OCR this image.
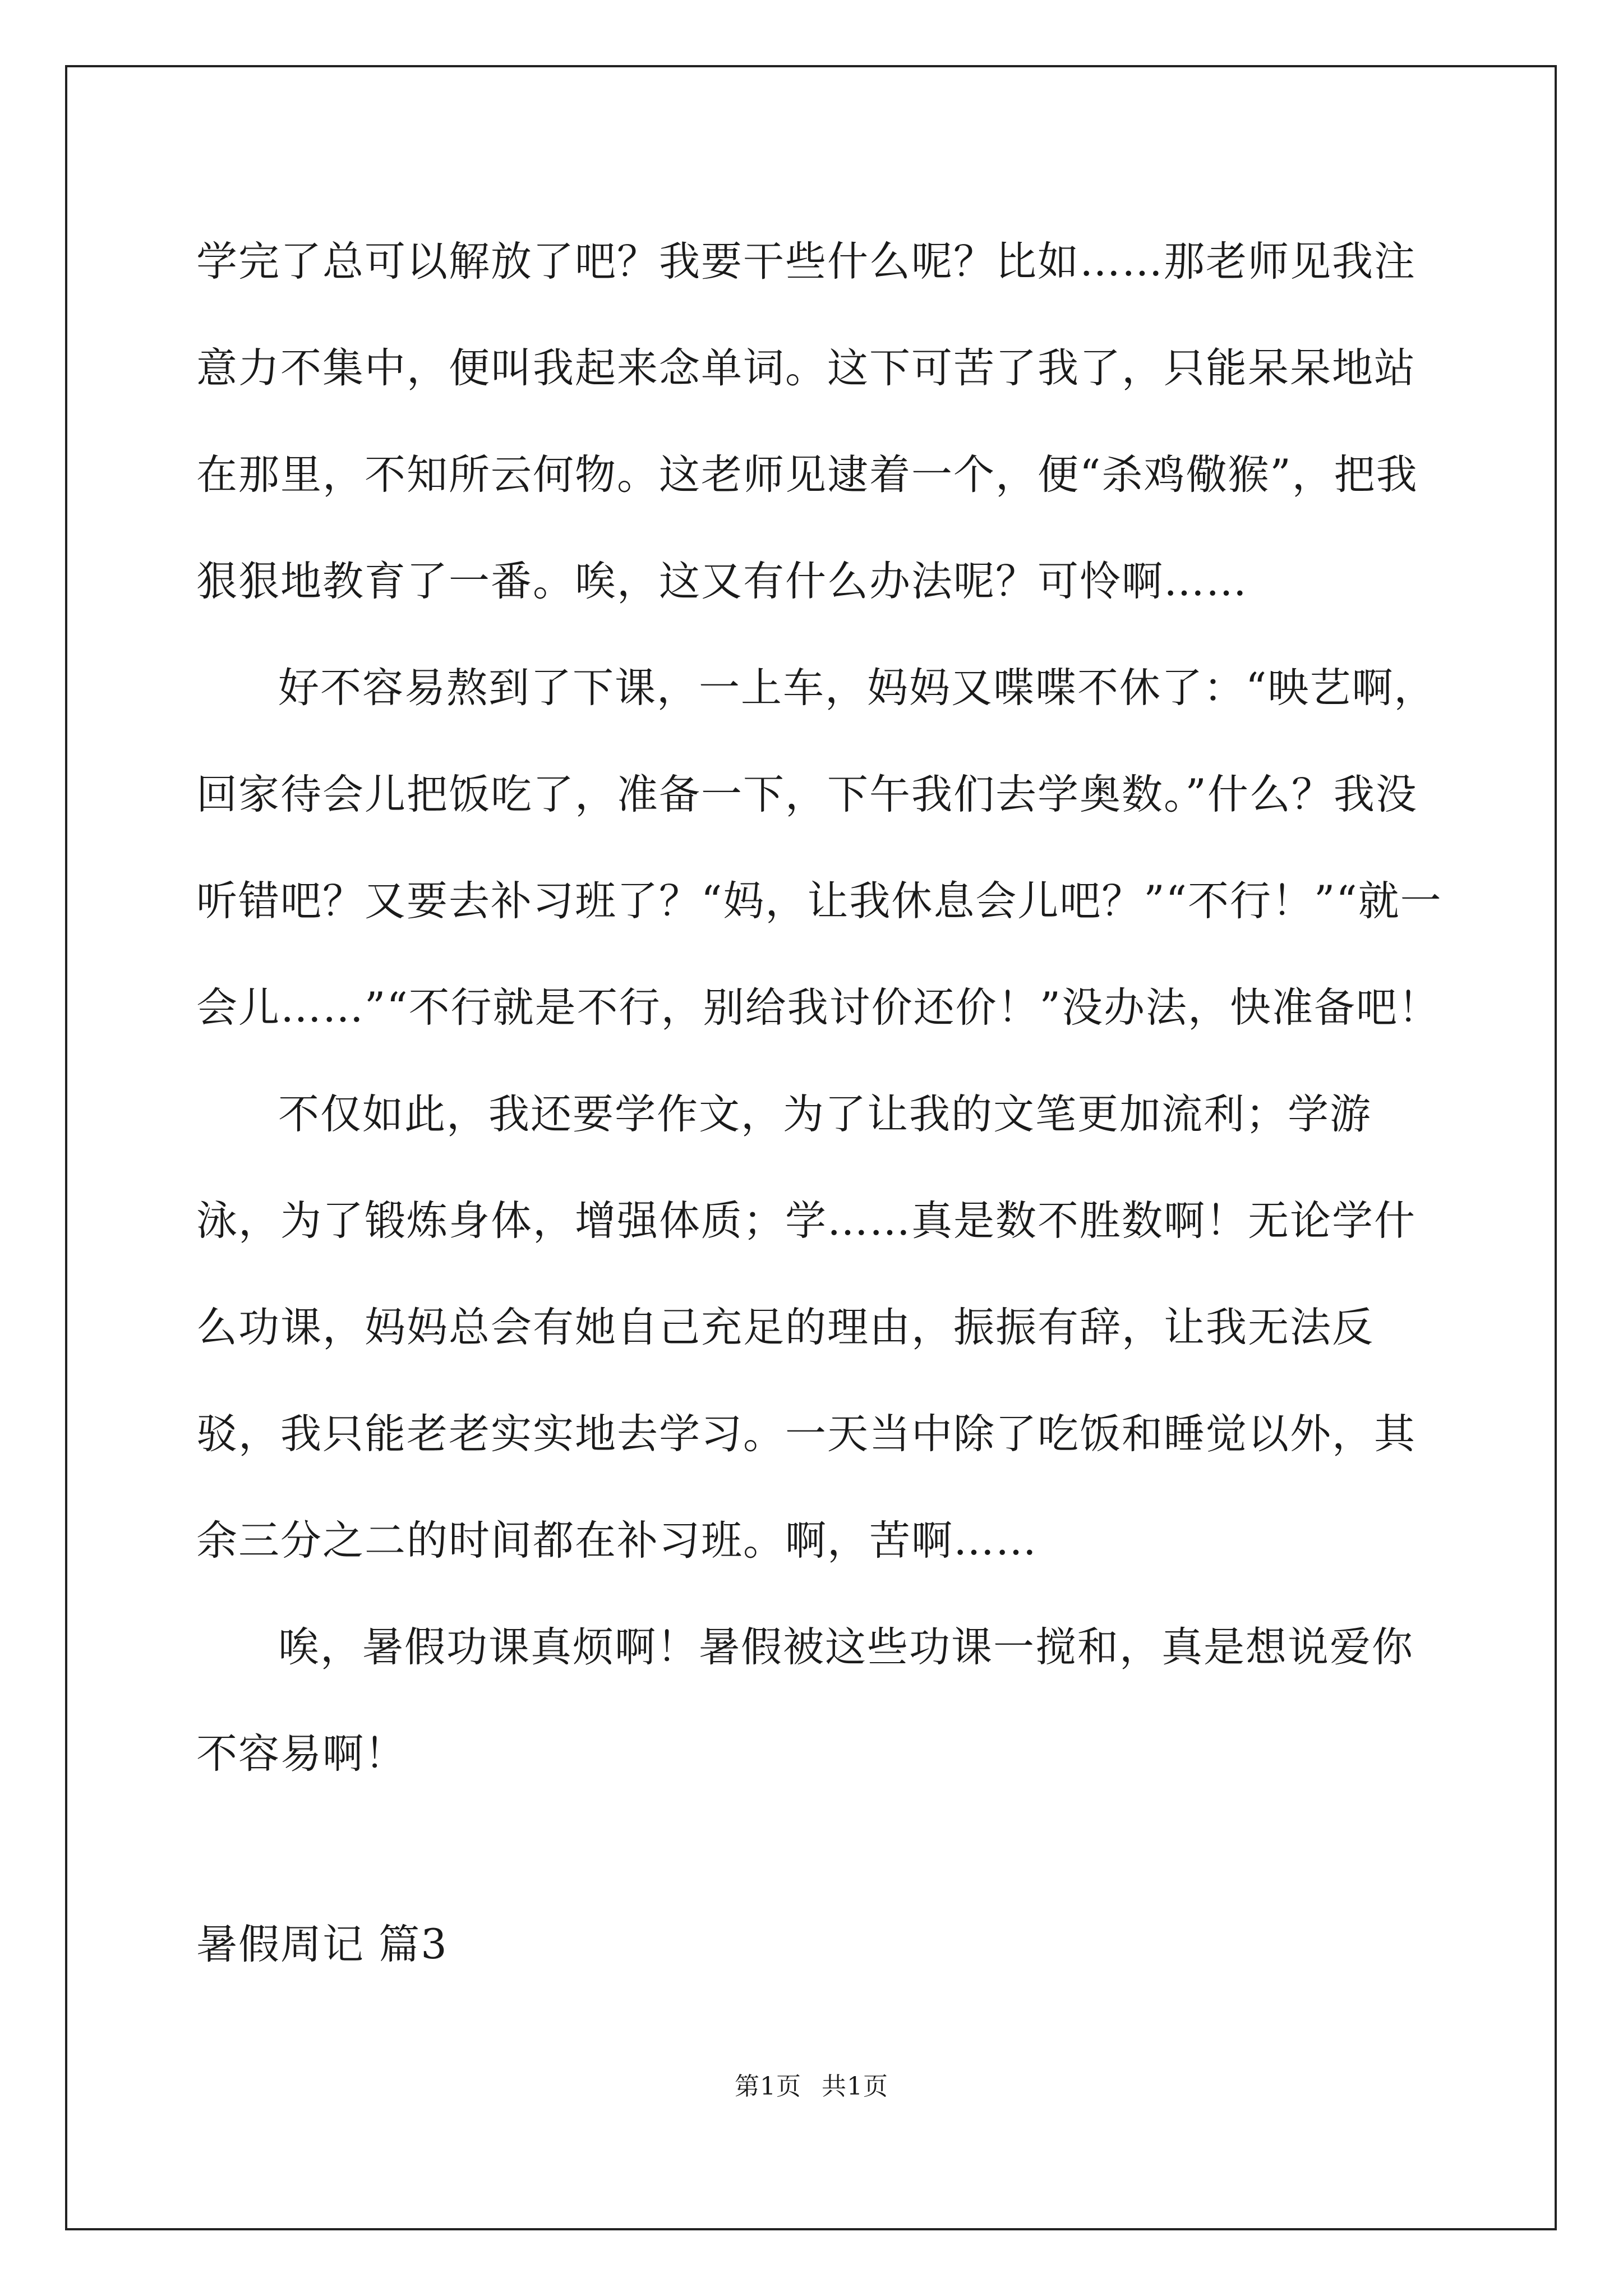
学完了总可以解放了吧？我要干些什么呢？比如……那老师见我注意力不集中，便叫我起来念单词。这下可苦了我了，只能呆呆地站在那里，不知所云何物。这老师见逮着一个，便“杀鸡儆猴”，把我狠狠地教育了一番。唉，这又有什么办法呢？可怜啊……

好不容易熬到了下课，一上车，妈妈又喋喋不休了：“映艺啊，回家待会儿把饭吃了，准备一下，下午我们去学奥数。”什么？我没听错吧？又要去补习班了？“妈，让我休息会儿吧？”“不行！”“就一会儿……”“不行就是不行，别给我讨价还价！”没办法，快准备吧！

不仅如此，我还要学作文，为了让我的文笔更加流利；学游泳，为了锻炼身体，增强体质；学……真是数不胜数啊！无论学什么功课，妈妈总会有她自己充足的理由，振振有辞，让我无法反驳，我只能老老实实地去学习。一天当中除了吃饭和睡觉以外，其余三分之二的时间都在补习班。啊，苦啊……

唉，暑假功课真烦啊！暑假被这些功课一搅和，真是想说爱你不容易啊！

暑假周记 篇3

第1页 共1页
